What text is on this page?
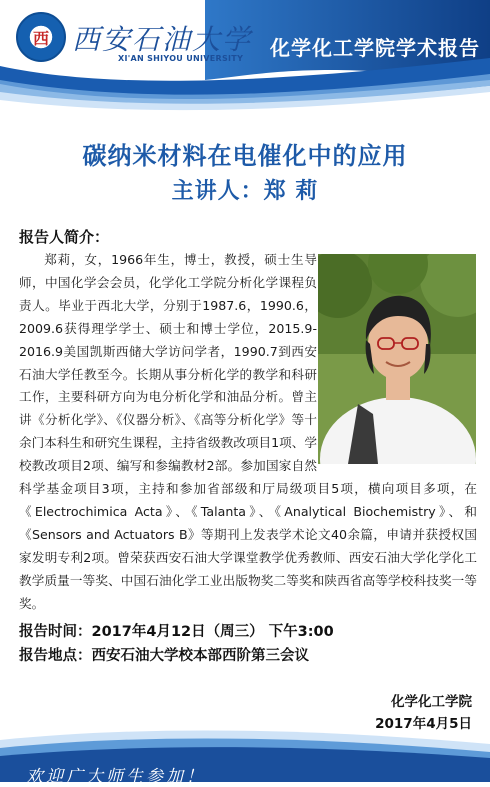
西 西安石油大学
XI'AN SHIYOU UNIVERSITY	化学化工学院学术报告
碳纳米材料在电催化中的应用
主讲人：郑 莉
报告人简介：
郑莉，女，1966年生，博士，教授，硕士生导师，中国化学会会员，化学化工学院分析化学课程负责人。毕业于西北大学，分别于1987.6，1990.6，2009.6获得理学学士、硕士和博士学位，2015.9-2016.9美国凯斯西储大学访问学者，1990.7到西安石油大学任教至今。长期从事分析化学的教学和科研工作，主要科研方向为电分析化学和油品分析。曾主讲《分析化学》、《仪器分析》、《高等分析化学》等十余门本科生和研究生课程，主持省级教改项目1项、学校教改项目2项、编写和参编教材2部。参加国家自然科学基金项目3项，主持和参加省部级和厅局级项目5项，横向项目多项，在《Electrochimica Acta》、《Talanta》、《Analytical Biochemistry》、和《Sensors and Actuators B》等期刊上发表学术论文40余篇，申请并获授权国家发明专利2项。曾荣获西安石油大学课堂教学优秀教师、西安石油大学化学化工教学质量一等奖、中国石油化学工业出版物奖二等奖和陕西省高等学校科技奖一等奖。
报告时间：2017年4月12日（周三） 下午3:00
报告地点：西安石油大学校本部西阶第三会议
化学化工学院
2017年4月5日
欢迎广大师生参加！
